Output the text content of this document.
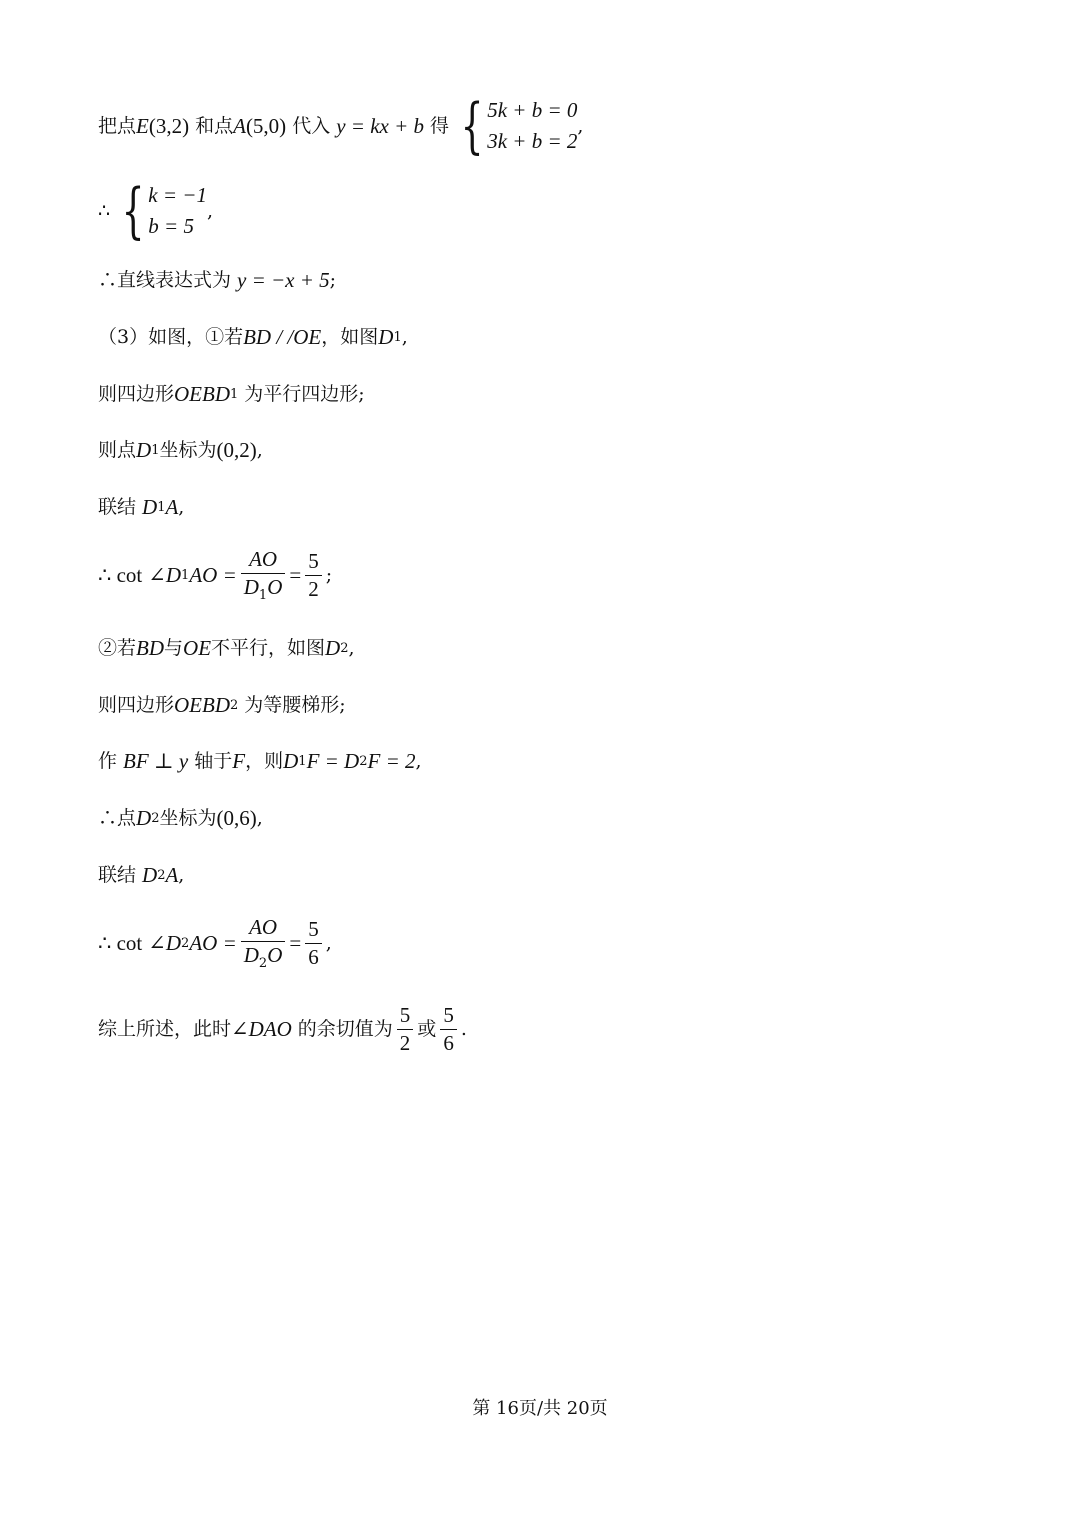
把点 E (3,2) 和点 A (5,0) 代入 y = kx + b 得 { 5k + b = 0
3k + b = 2
,
∴ { k = −1
b = 5
,
∴直线表达式为 y = −x + 5 ;
（3）如图，①若 BD / /OE ，如图 D 1 ,
则四边形 OEBD 1 为平行四边形;
则点 D 1 坐标为 (0,2) ,
联结 D 1 A ,
∴ cot ∠D 1 AO = $\frac{AO}{D_1O} = \frac{5}{2}$ ;
②若 BD 与 OE 不平行，如图 D 2 ,
则四边形 OEBD 2 为等腰梯形;
作 BF ⊥ y 轴于 F ，则 D 1 F = D 2 F = 2 ,
∴点 D 2 坐标为 (0,6) ,
联结 D 2 A ,
∴ cot ∠D 2 AO = $\frac{AO}{D_2O} = \frac{5}{6}$ ,
综上所述，此时 ∠DAO 的余切值为 $\frac{5}{2}$ 或 $\frac{5}{6}$ .
第 16页/共 20页
